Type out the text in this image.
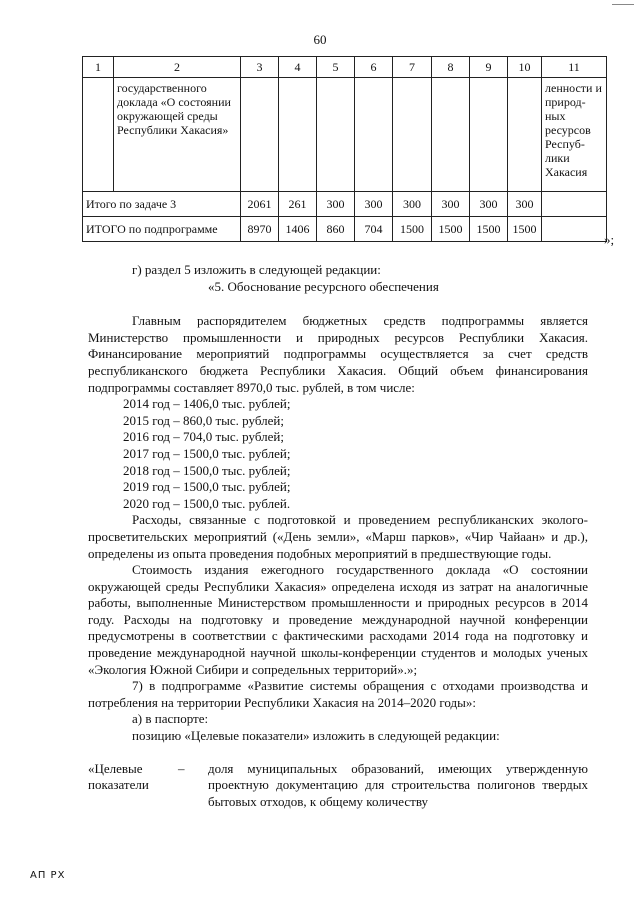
60
1	2	3	4	5	6	7	8	9	10	11
	государственного доклада «О состоянии окружающей среды Республики Хакасия»									ленности и природ-ных ресурсов Респуб-лики Хакасия
Итого по задаче 3		2061	261	300	300	300	300	300	300	
ИТОГО по подпрограмме		8970	1406	860	704	1500	1500	1500	1500	
»;

г) раздел 5 изложить в следующей редакции:

«5. Обоснование ресурсного обеспечения

Главным распорядителем бюджетных средств подпрограммы является Министерство промышленности и природных ресурсов Республики Хакасия. Финансирование мероприятий подпрограммы осуществляется за счет средств республиканского бюджета Республики Хакасия. Общий объем финансирования подпрограммы составляет 8970,0 тыс. рублей, в том числе:

2014 год – 1406,0 тыс. рублей;

2015 год – 860,0 тыс. рублей;

2016 год – 704,0 тыс. рублей;

2017 год – 1500,0 тыс. рублей;

2018 год – 1500,0 тыс. рублей;

2019 год – 1500,0 тыс. рублей;

2020 год – 1500,0 тыс. рублей.

Расходы, связанные с подготовкой и проведением республиканских эколого-просветительских мероприятий («День земли», «Марш парков», «Чир Чайаан» и др.), определены из опыта проведения подобных мероприятий в предшествующие годы.

Стоимость издания ежегодного государственного доклада «О состоянии окружающей среды Республики Хакасия» определена исходя из затрат на аналогичные работы, выполненные Министерством промышленности и природных ресурсов в 2014 году. Расходы на подготовку и проведение международной научной конференции предусмотрены в соответствии с фактическими расходами 2014 года на подготовку и проведение международной научной школы-конференции студентов и молодых ученых «Экология Южной Сибири и сопредельных территорий».»;

7) в подпрограмме «Развитие системы обращения с отходами производства и потребления на территории Республики Хакасия на 2014–2020 годы»:

а) в паспорте:

позицию «Целевые показатели» изложить в следующей редакции:

«Целевые показатели
–	доля муниципальных образований, имеющих утвержденную проектную документацию для строительства полигонов твердых бытовых отходов, к общему количеству
АП РХ
